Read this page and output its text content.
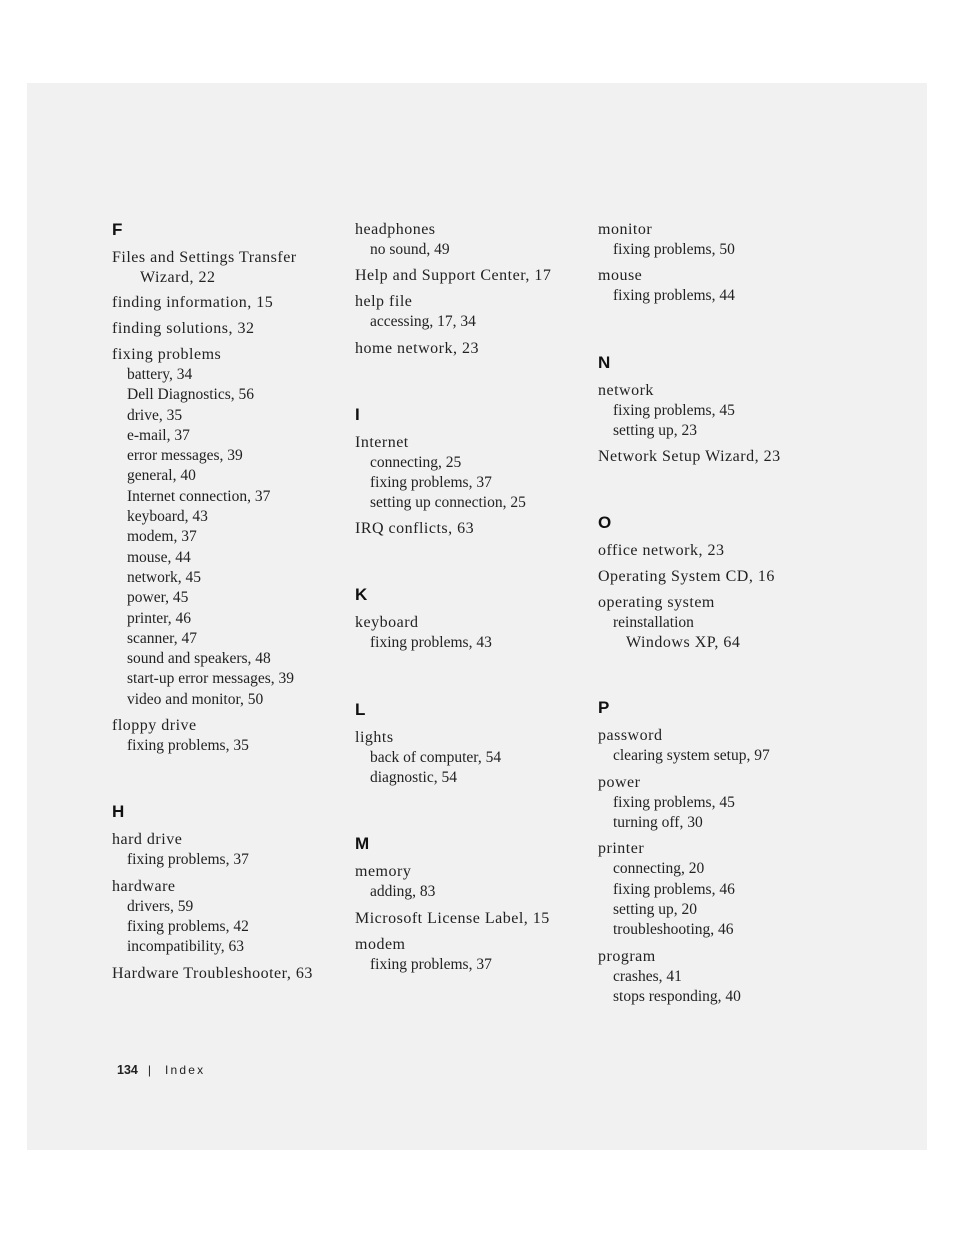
F
Files and Settings Transfer
Wizard, 22
finding information, 15
finding solutions, 32
fixing problems
battery, 34
Dell Diagnostics, 56
drive, 35
e-mail, 37
error messages, 39
general, 40
Internet connection, 37
keyboard, 43
modem, 37
mouse, 44
network, 45
power, 45
printer, 46
scanner, 47
sound and speakers, 48
start-up error messages, 39
video and monitor, 50
floppy drive
fixing problems, 35
H
hard drive
fixing problems, 37
hardware
drivers, 59
fixing problems, 42
incompatibility, 63
Hardware Troubleshooter, 63
headphones
no sound, 49
Help and Support Center, 17
help file
accessing, 17, 34
home network, 23
I
Internet
connecting, 25
fixing problems, 37
setting up connection, 25
IRQ conflicts, 63
K
keyboard
fixing problems, 43
L
lights
back of computer, 54
diagnostic, 54
M
memory
adding, 83
Microsoft License Label, 15
modem
fixing problems, 37
monitor
fixing problems, 50
mouse
fixing problems, 44
N
network
fixing problems, 45
setting up, 23
Network Setup Wizard, 23
O
office network, 23
Operating System CD, 16
operating system
reinstallation
Windows XP, 64
P
password
clearing system setup, 97
power
fixing problems, 45
turning off, 30
printer
connecting, 20
fixing problems, 46
setting up, 20
troubleshooting, 46
program
crashes, 41
stops responding, 40
134 | Index
